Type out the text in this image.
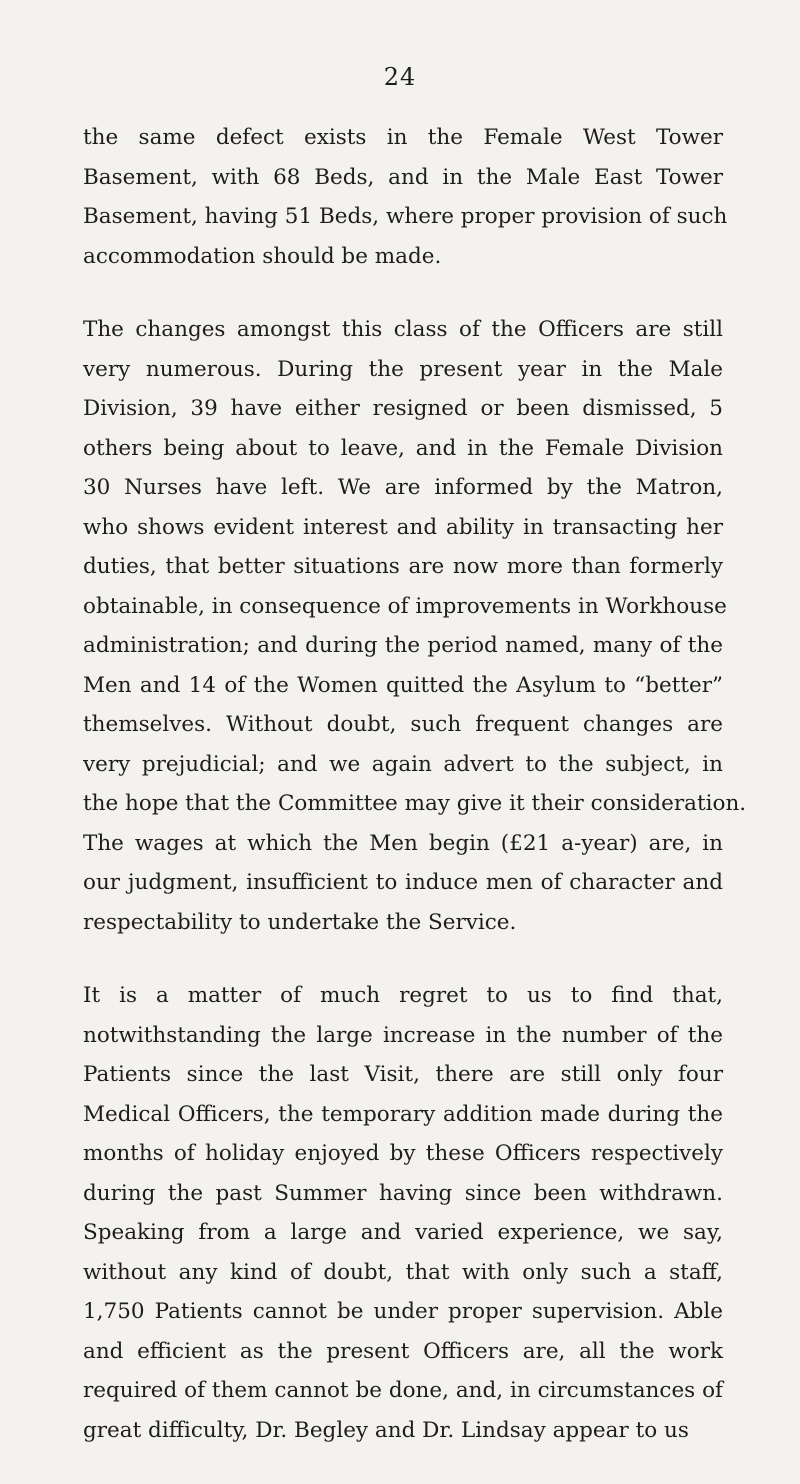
24
the same defect exists in the Female West Tower
Basement, with 68 Beds, and in the Male East Tower
Basement, having 51 Beds, where proper provision of such
accommodation should be made.
The changes amongst this class of the Officers are still
very numerous. During the present year in the Male
Division, 39 have either resigned or been dismissed, 5
others being about to leave, and in the Female Division
30 Nurses have left. We are informed by the Matron,
who shows evident interest and ability in transacting her
duties, that better situations are now more than formerly
obtainable, in consequence of improvements in Workhouse
administration; and during the period named, many of the
Men and 14 of the Women quitted the Asylum to “better”
themselves. Without doubt, such frequent changes are
very prejudicial; and we again advert to the subject, in
the hope that the Committee may give it their consideration.
The wages at which the Men begin (£21 a-year) are, in
our judgment, insufficient to induce men of character and
respectability to undertake the Service.
It is a matter of much regret to us to find that,
notwithstanding the large increase in the number of the
Patients since the last Visit, there are still only four
Medical Officers, the temporary addition made during the
months of holiday enjoyed by these Officers respectively
during the past Summer having since been withdrawn.
Speaking from a large and varied experience, we say,
without any kind of doubt, that with only such a staff,
1,750 Patients cannot be under proper supervision. Able
and efficient as the present Officers are, all the work
required of them cannot be done, and, in circumstances of
great difficulty, Dr. Begley and Dr. Lindsay appear to us
